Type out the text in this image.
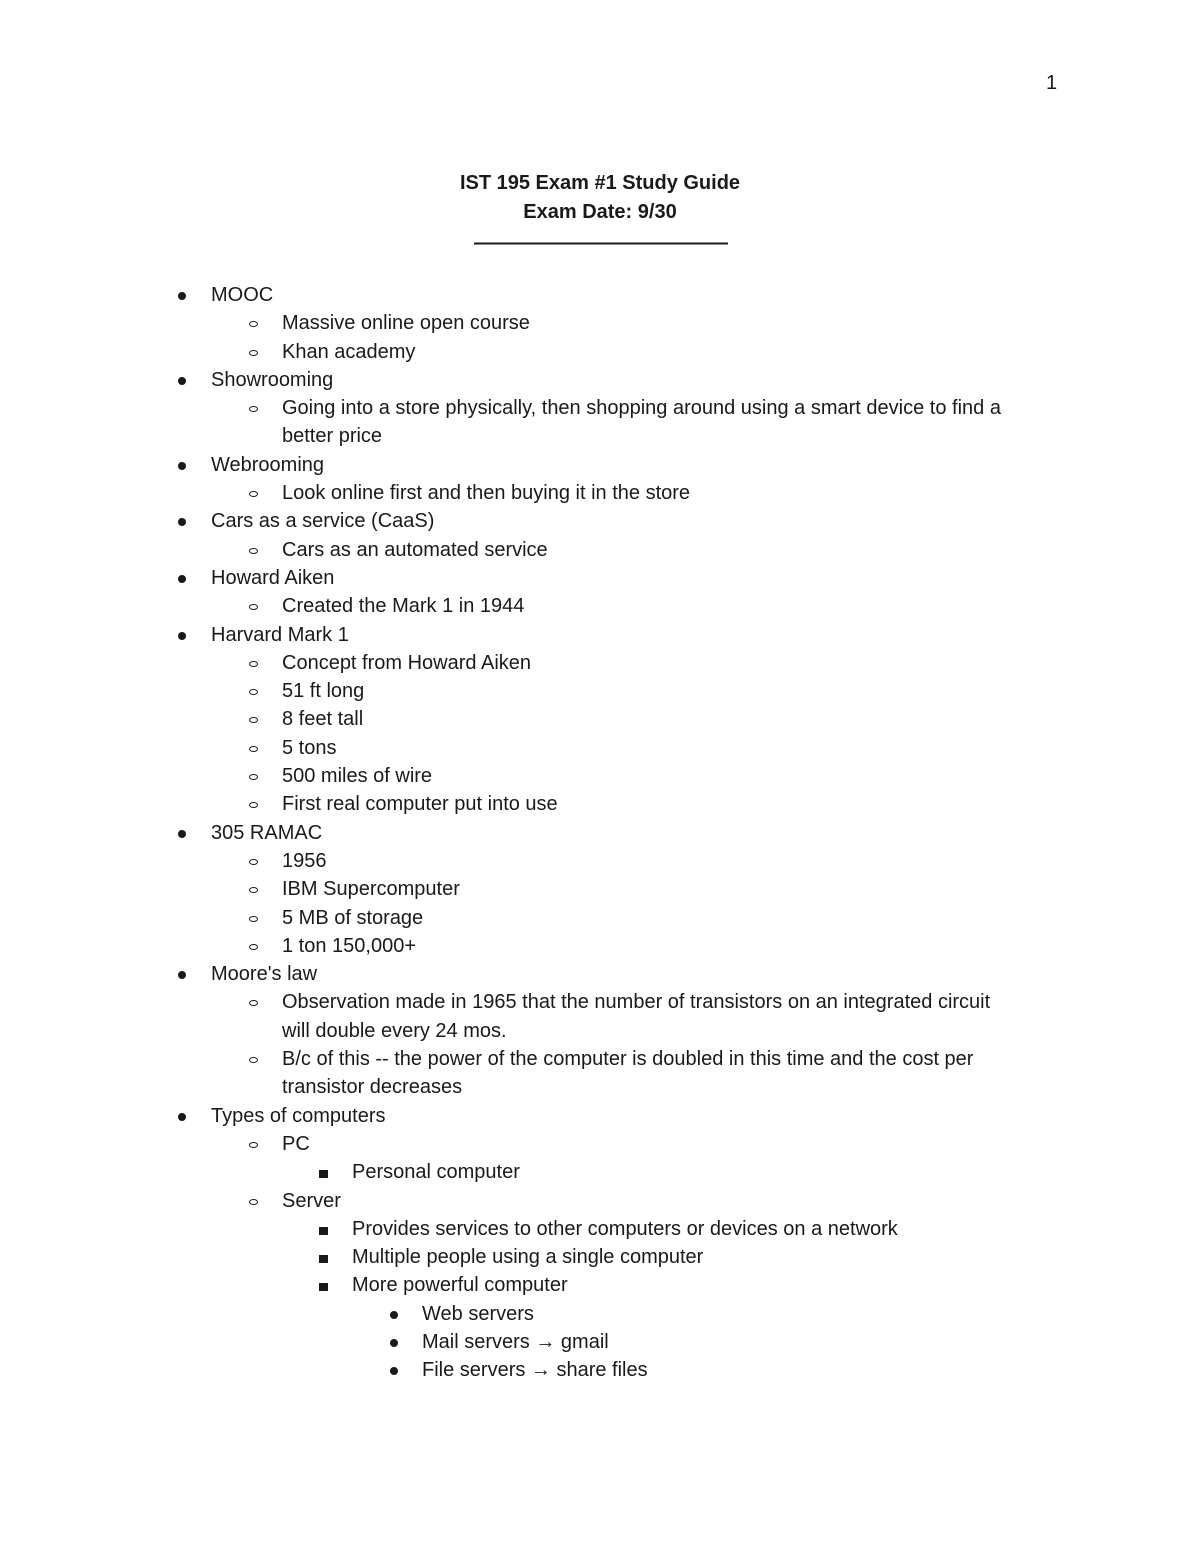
1
IST 195 Exam #1 Study Guide
Exam Date: 9/30
——————————————
MOOC
Massive online open course
Khan academy
Showrooming
Going into a store physically, then shopping around using a smart device to find a
better price
Webrooming
Look online first and then buying it in the store
Cars as a service (CaaS)
Cars as an automated service
Howard Aiken
Created the Mark 1 in 1944
Harvard Mark 1
Concept from Howard Aiken
51 ft long
8 feet tall
5 tons
500 miles of wire
First real computer put into use
305 RAMAC
1956
IBM Supercomputer
5 MB of storage
1 ton 150,000+
Moore's law
Observation made in 1965 that the number of transistors on an integrated circuit
will double every 24 mos.
B/c of this -- the power of the computer is doubled in this time and the cost per
transistor decreases
Types of computers
PC
Personal computer
Server
Provides services to other computers or devices on a network
Multiple people using a single computer
More powerful computer
Web servers
Mail servers → gmail
File servers → share files
